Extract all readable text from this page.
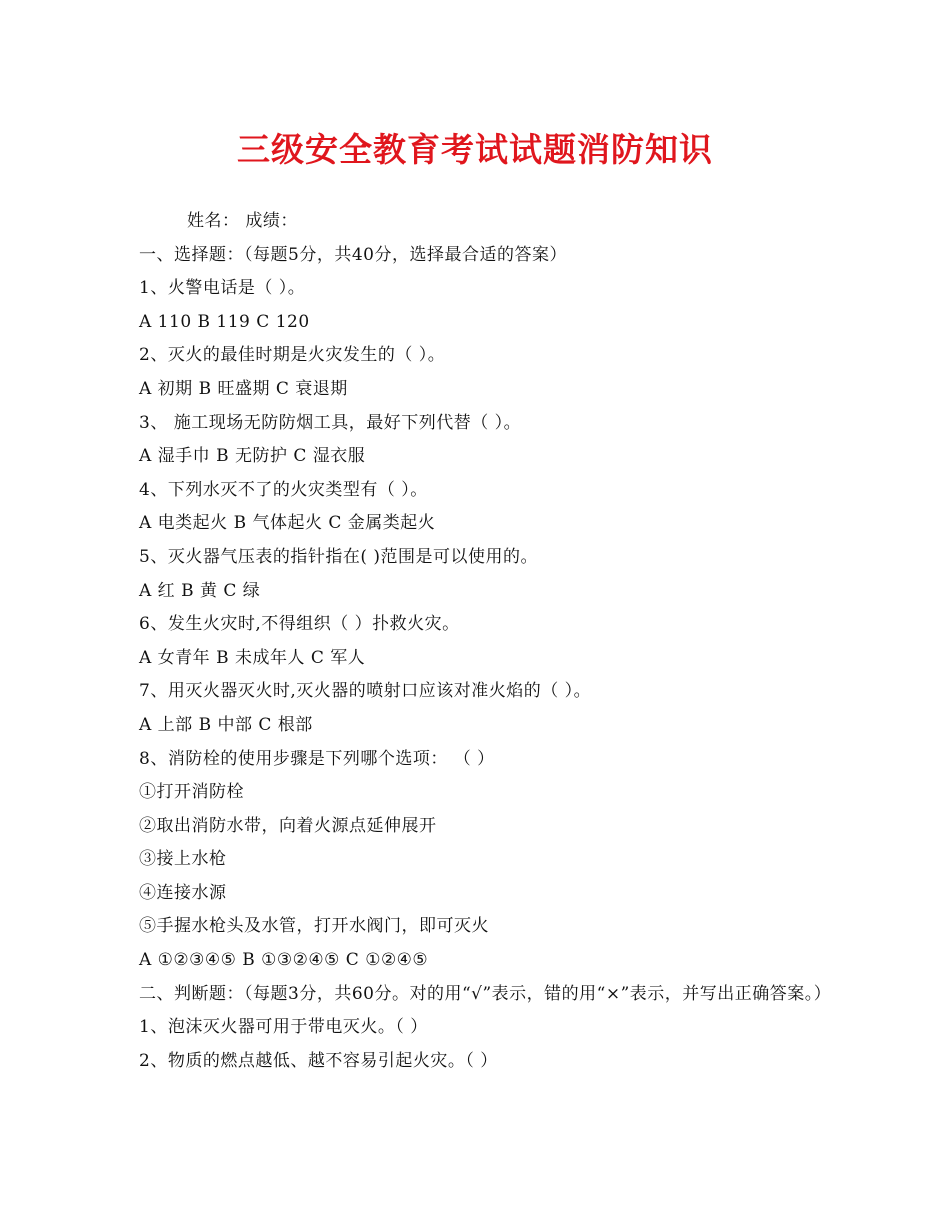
三级安全教育考试试题消防知识
姓名： 成绩：
一、选择题：（每题5分，共40分，选择最合适的答案）
1、火警电话是（ ）。
A 110 B 119 C 120
2、灭火的最佳时期是火灾发生的（ ）。
A 初期 B 旺盛期 C 衰退期
3、 施工现场无防防烟工具，最好下列代替（ ）。
A 湿手巾 B 无防护 C 湿衣服
4、下列水灭不了的火灾类型有（ ）。
A 电类起火 B 气体起火 C 金属类起火
5、灭火器气压表的指针指在( )范围是可以使用的。
A 红 B 黄 C 绿
6、发生火灾时,不得组织（ ）扑救火灾。
A 女青年 B 未成年人 C 军人
7、用灭火器灭火时,灭火器的喷射口应该对准火焰的（ ）。
A 上部 B 中部 C 根部
8、消防栓的使用步骤是下列哪个选项： （ ）
①打开消防栓
②取出消防水带，向着火源点延伸展开
③接上水枪
④连接水源
⑤手握水枪头及水管，打开水阀门，即可灭火
A ①②③④⑤ B ①③②④⑤ C ①②④⑤
二、判断题：（每题3分，共60分。对的用“√”表示，错的用“×”表示，并写出正确答案。）
1、泡沫灭火器可用于带电灭火。（ ）
2、物质的燃点越低、越不容易引起火灾。（ ）
